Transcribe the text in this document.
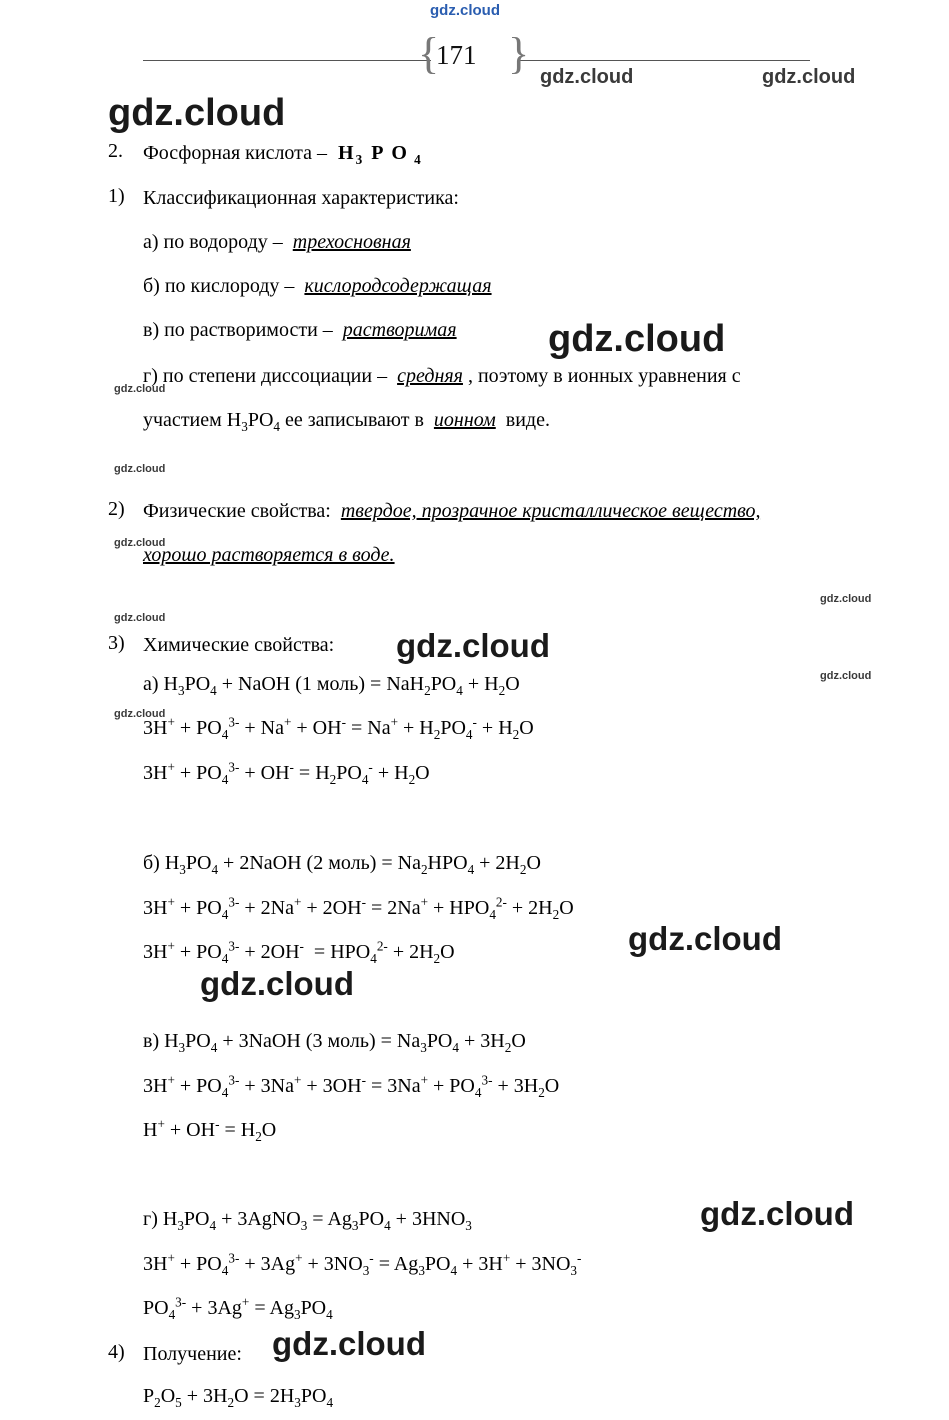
{ }
171
2. Фосфорная кислота – $H_3$ P O $_4$
1) Классификационная характеристика:
а) по водороду – трехосновная
б) по кислороду – кислородсодержащая
в) по растворимости – растворимая
г) по степени диссоциации – средняя , поэтому в ионных уравнения с
участием $H_3PO_4$ ее записывают в ионном виде.
2) Физические свойства: твердое, прозрачное кристаллическое вещество,
хорошо растворяется в воде.
3) Химические свойства:
а) $H_3PO_4$ + NaOH (1 моль) = $NaH_2PO_4 + H_2O$
$3H^+ + PO_4^{3-} + Na^+ + OH^- = Na^+ + H_2PO_4^- + H_2O$
$3H^+ + PO_4^{3-} + OH^- = H_2PO_4^- + H_2O$
б) $H_3PO_4$ + 2NaOH (2 моль) = $Na_2HPO_4 + 2H_2O$
$3H^+ + PO_4^{3-} + 2Na^+ + 2OH^- = 2Na^+ + HPO_4^{2-} + 2H_2O$
$3H^+ + PO_4^{3-} + 2OH^- = HPO_4^{2-} + 2H_2O$
в) $H_3PO_4$ + 3NaOH (3 моль) = $Na_3PO_4 + 3H_2O$
$3H^+ + PO_4^{3-} + 3Na^+ + 3OH^- = 3Na^+ + PO_4^{3-} + 3H_2O$
$H^+ + OH^- = H_2O$
г) $H_3PO_4$ + 3AgNO$_3$ = $Ag_3PO_4 + 3HNO_3$
$3H^+ + PO_4^{3-} + 3Ag^+ + 3NO_3^- = Ag_3PO_4 + 3H^+ + 3NO_3^-$
$PO_4^{3-} + 3Ag^+ = Ag_3PO_4$
4) Получение:
$P_2O_5 + 3H_2O = 2H_3PO_4$
gdz.cloud
gdz.cloud	gdz.cloud
gdz.cloud
gdz.cloud
gdz.cloud
gdz.cloud
gdz.cloud
gdz.cloud
gdz.cloud
gdz.cloud
gdz.cloud
gdz.cloud
gdz.cloud
gdz.cloud
gdz.cloud
gdz.cloud
